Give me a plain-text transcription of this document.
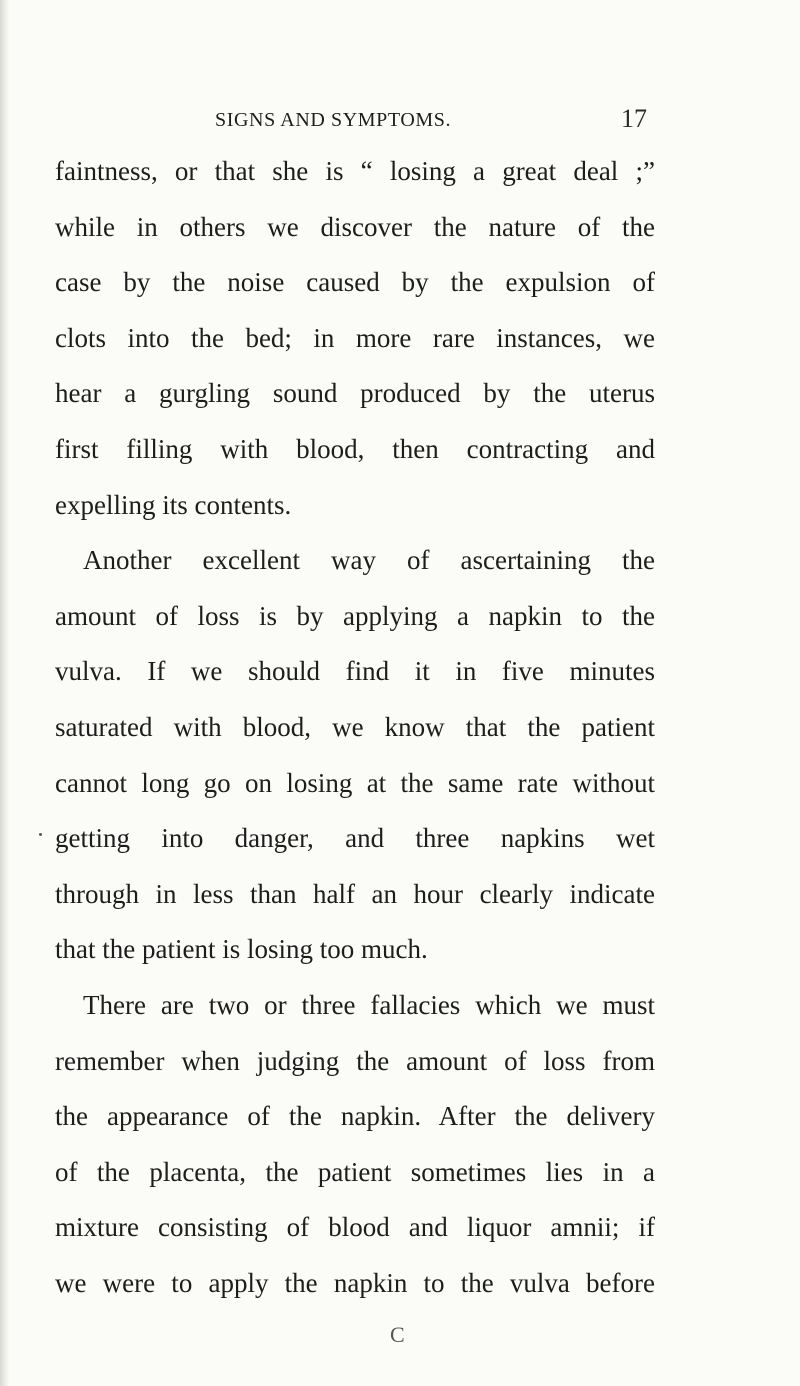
SIGNS AND SYMPTOMS.	17
faintness, or that she is “ losing a great deal ;”
while in others we discover the nature of the
case by the noise caused by the expulsion of
clots into the bed; in more rare instances, we
hear a gurgling sound produced by the uterus
first filling with blood, then contracting and
expelling its contents.
Another excellent way of ascertaining the
amount of loss is by applying a napkin to the
vulva. If we should find it in five minutes
saturated with blood, we know that the patient
cannot long go on losing at the same rate without
getting into danger, and three napkins wet
through in less than half an hour clearly indicate
that the patient is losing too much.
There are two or three fallacies which we must
remember when judging the amount of loss from
the appearance of the napkin. After the delivery
of the placenta, the patient sometimes lies in a
mixture consisting of blood and liquor amnii; if
we were to apply the napkin to the vulva before
C
